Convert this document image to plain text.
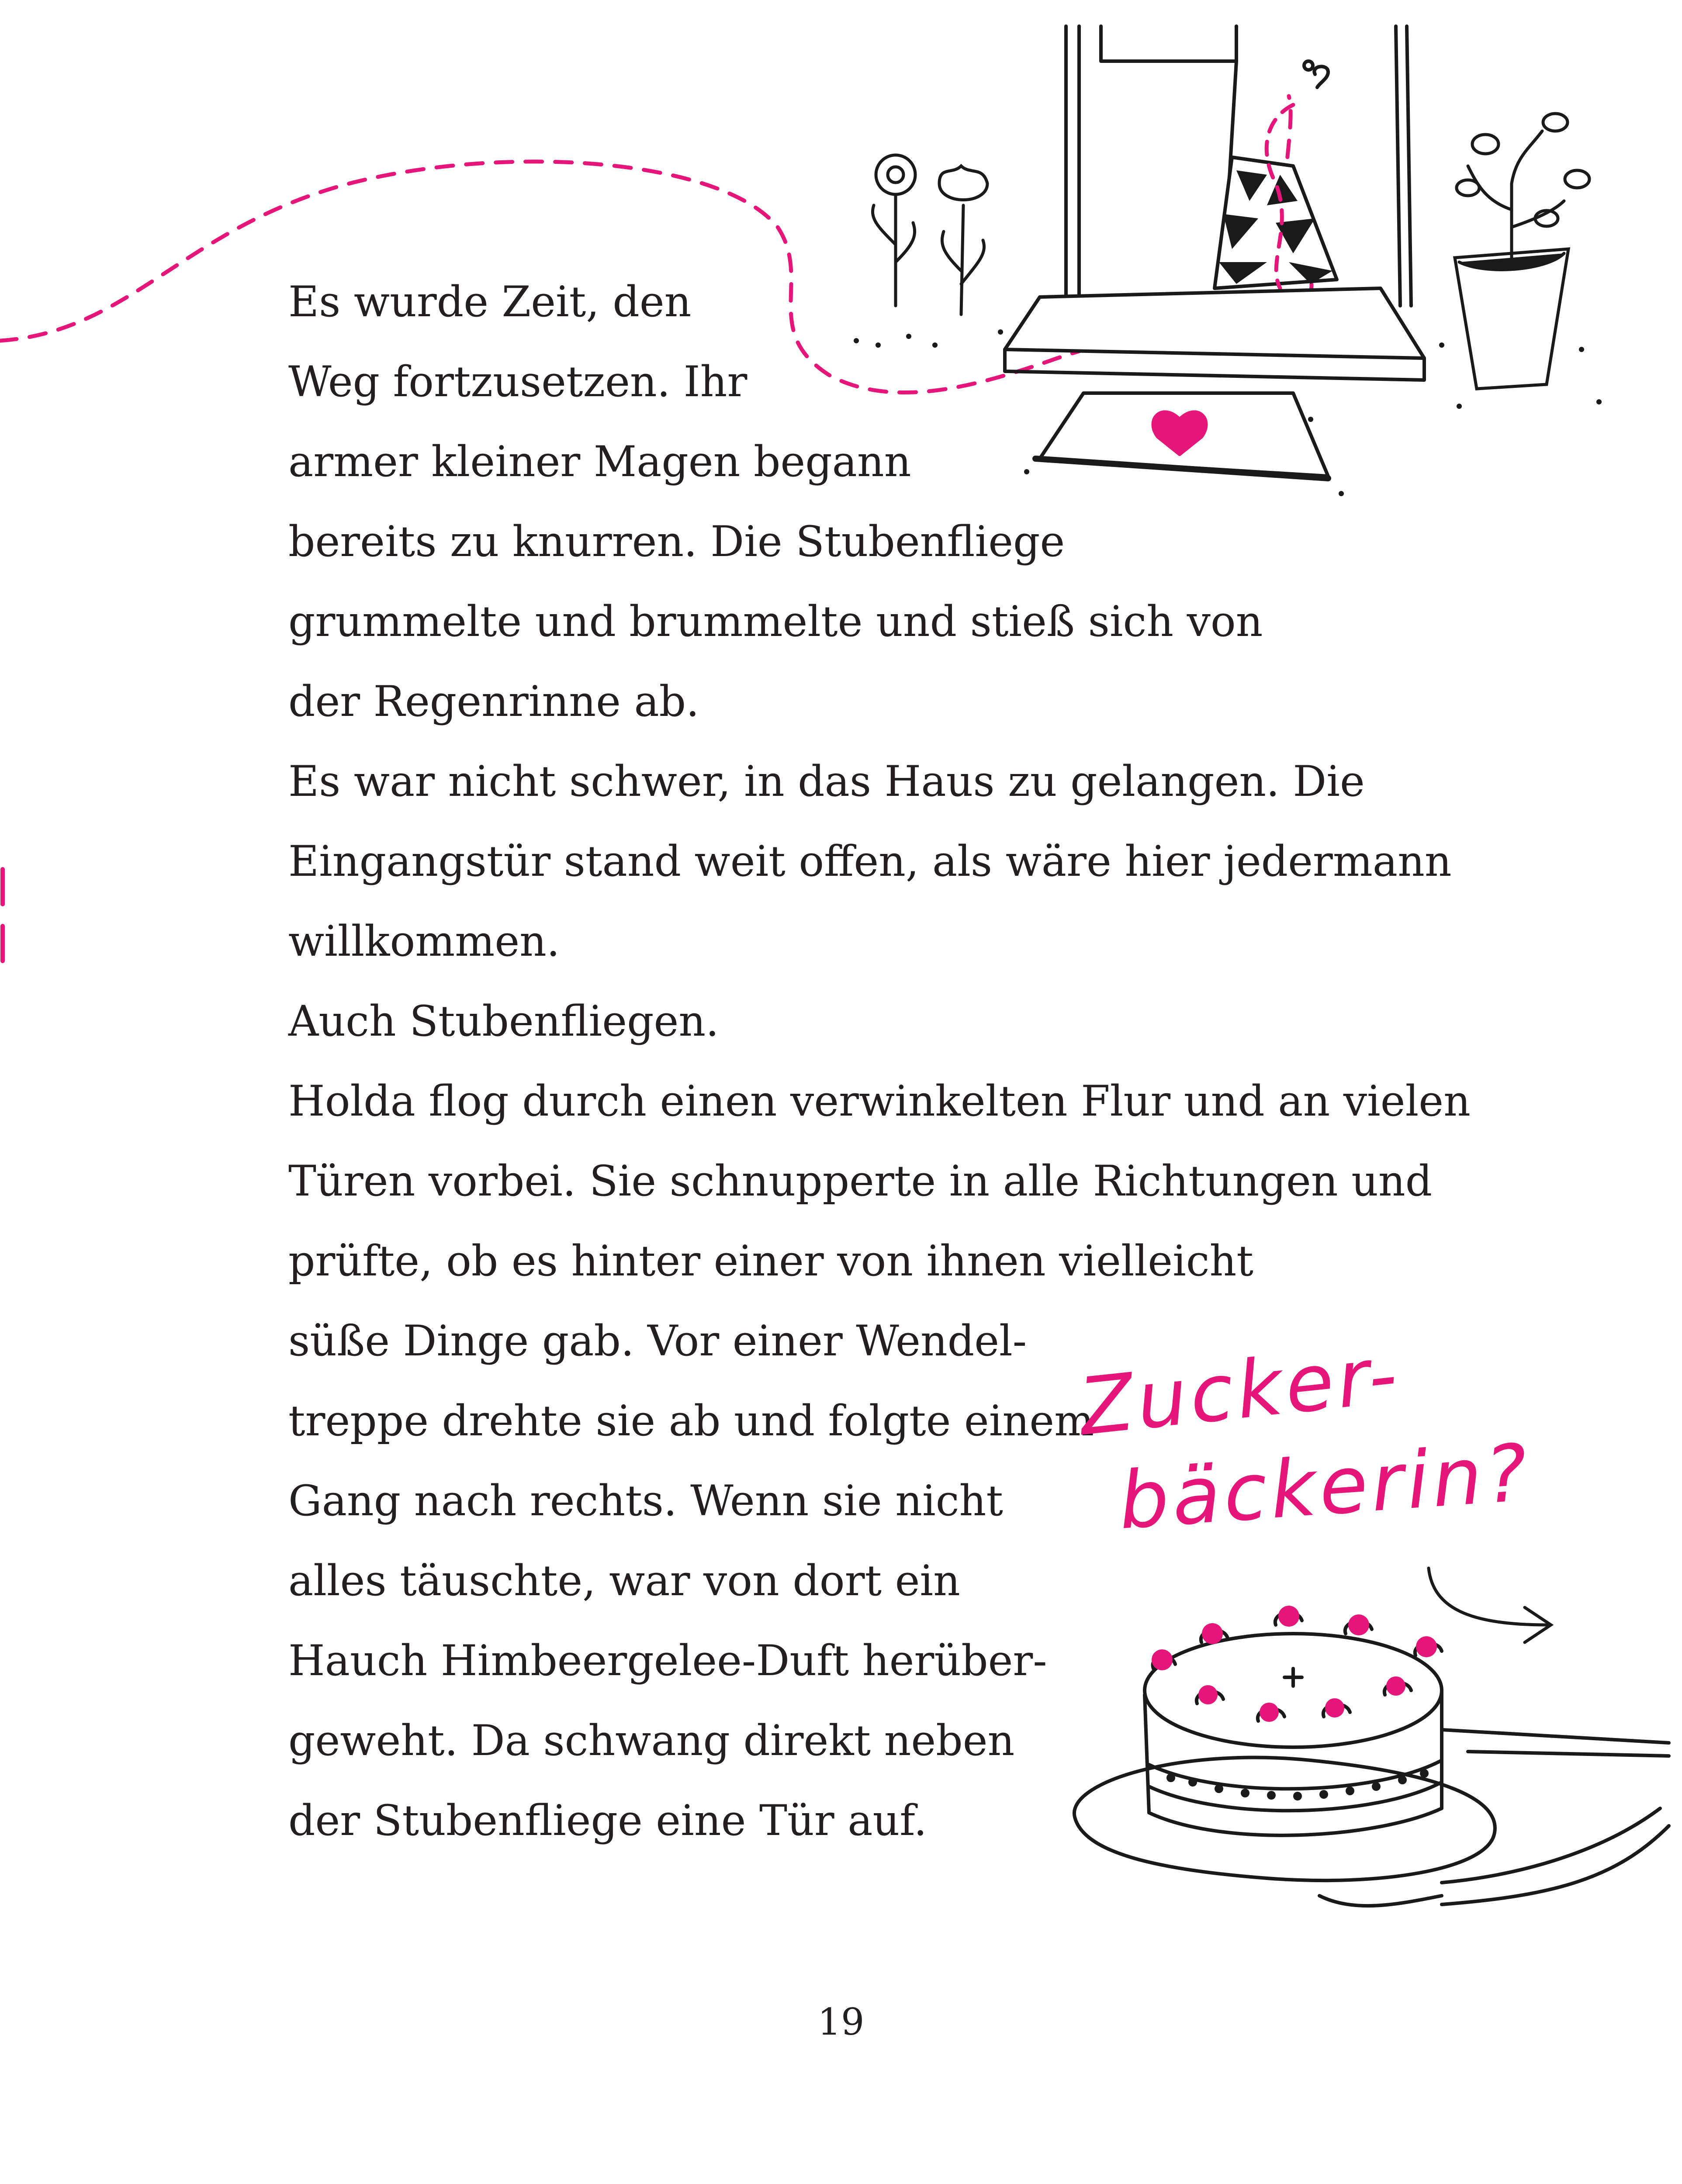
Es wurde Zeit, den
Weg fortzusetzen. Ihr
armer kleiner Magen begann
bereits zu knurren. Die Stubenfliege
grummelte und brummelte und stieß sich von
der Regenrinne ab.
Es war nicht schwer, in das Haus zu gelangen. Die
Eingangstür stand weit offen, als wäre hier jedermann
willkommen.
Auch Stubenfliegen.
Holda flog durch einen verwinkelten Flur und an vielen
Türen vorbei. Sie schnupperte in alle Richtungen und
prüfte, ob es hinter einer von ihnen vielleicht
süße Dinge gab. Vor einer Wendel-
treppe drehte sie ab und folgte einem
Gang nach rechts. Wenn sie nicht
alles täuschte, war von dort ein
Hauch Himbeergelee-Duft herüber-
geweht. Da schwang direkt neben
der Stubenfliege eine Tür auf.

Zucker-
bäckerin?
19
